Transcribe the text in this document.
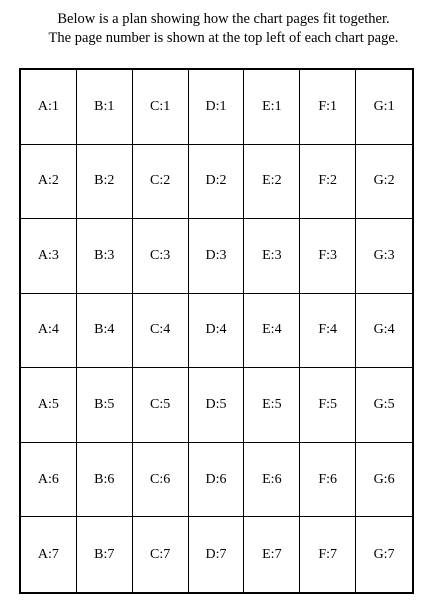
Below is a plan showing how the chart pages fit together.

The page number is shown at the top left of each chart page.

A:1	B:1	C:1	D:1	E:1	F:1	G:1
A:2	B:2	C:2	D:2	E:2	F:2	G:2
A:3	B:3	C:3	D:3	E:3	F:3	G:3
A:4	B:4	C:4	D:4	E:4	F:4	G:4
A:5	B:5	C:5	D:5	E:5	F:5	G:5
A:6	B:6	C:6	D:6	E:6	F:6	G:6
A:7	B:7	C:7	D:7	E:7	F:7	G:7
